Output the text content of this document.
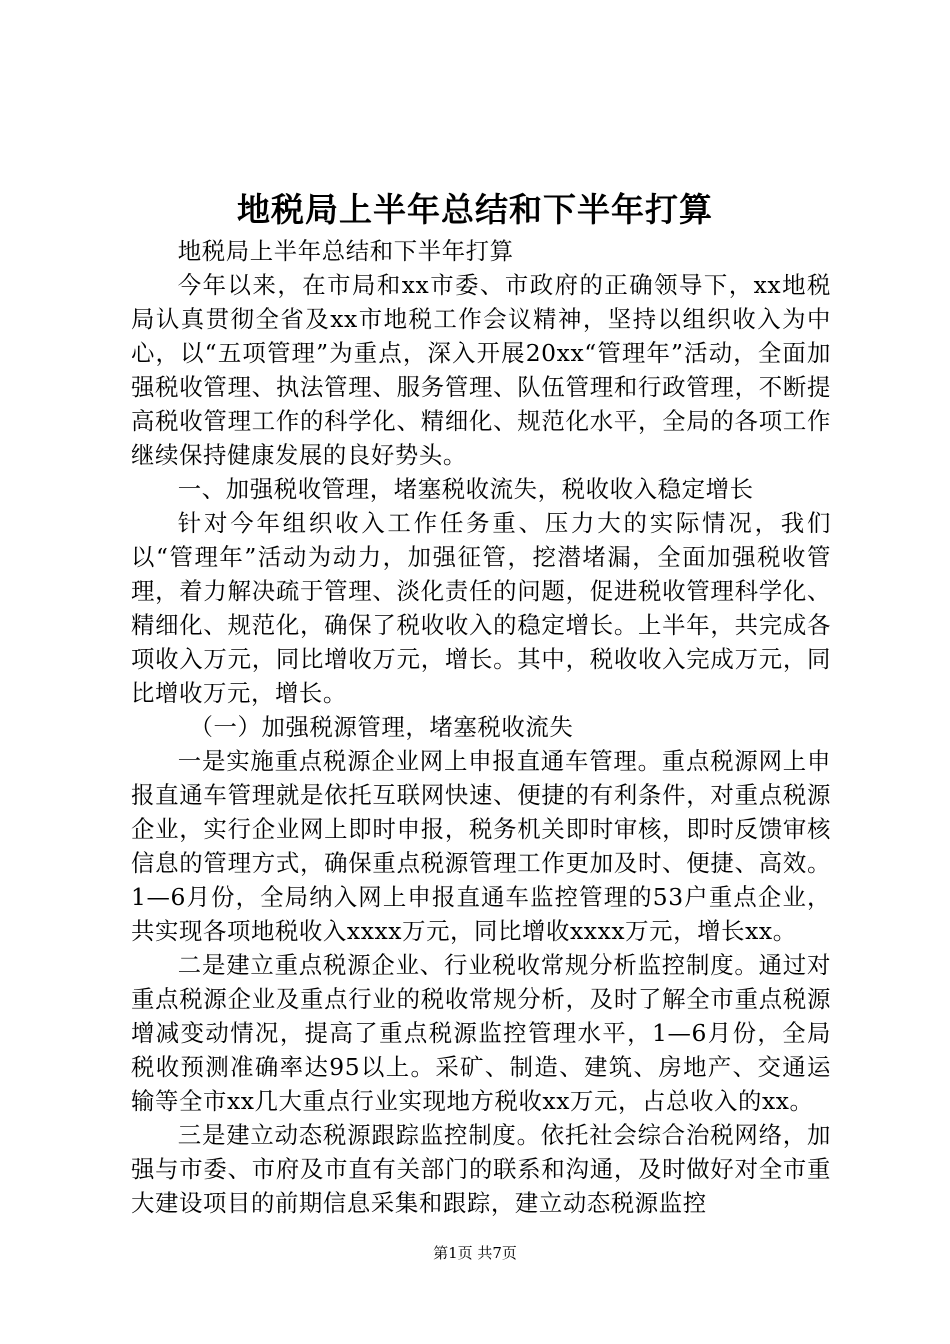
地税局上半年总结和下半年打算

地税局上半年总结和下半年打算

今年以来，在市局和xx市委、市政府的正确领导下，xx地税局认真贯彻全省及xx市地税工作会议精神，坚持以组织收入为中心，以“五项管理”为重点，深入开展20xx“管理年”活动，全面加强税收管理、执法管理、服务管理、队伍管理和行政管理，不断提高税收管理工作的科学化、精细化、规范化水平，全局的各项工作继续保持健康发展的良好势头。

一、加强税收管理，堵塞税收流失，税收收入稳定增长

针对今年组织收入工作任务重、压力大的实际情况，我们以“管理年”活动为动力，加强征管，挖潜堵漏，全面加强税收管理，着力解决疏于管理、淡化责任的问题，促进税收管理科学化、精细化、规范化，确保了税收收入的稳定增长。上半年，共完成各项收入万元，同比增收万元，增长。其中，税收收入完成万元，同比增收万元，增长。

（一）加强税源管理，堵塞税收流失

一是实施重点税源企业网上申报直通车管理。重点税源网上申报直通车管理就是依托互联网快速、便捷的有利条件，对重点税源企业，实行企业网上即时申报，税务机关即时审核，即时反馈审核信息的管理方式，确保重点税源管理工作更加及时、便捷、高效。1—6月份，全局纳入网上申报直通车监控管理的53户重点企业，共实现各项地税收入xxxx万元，同比增收xxxx万元，增长xx。

二是建立重点税源企业、行业税收常规分析监控制度。通过对重点税源企业及重点行业的税收常规分析，及时了解全市重点税源增减变动情况，提高了重点税源监控管理水平，1—6月份，全局税收预测准确率达95以上。采矿、制造、建筑、房地产、交通运输等全市xx几大重点行业实现地方税收xx万元，占总收入的xx。

三是建立动态税源跟踪监控制度。依托社会综合治税网络，加强与市委、市府及市直有关部门的联系和沟通，及时做好对全市重大建设项目的前期信息采集和跟踪，建立动态税源监控

第1页 共7页
